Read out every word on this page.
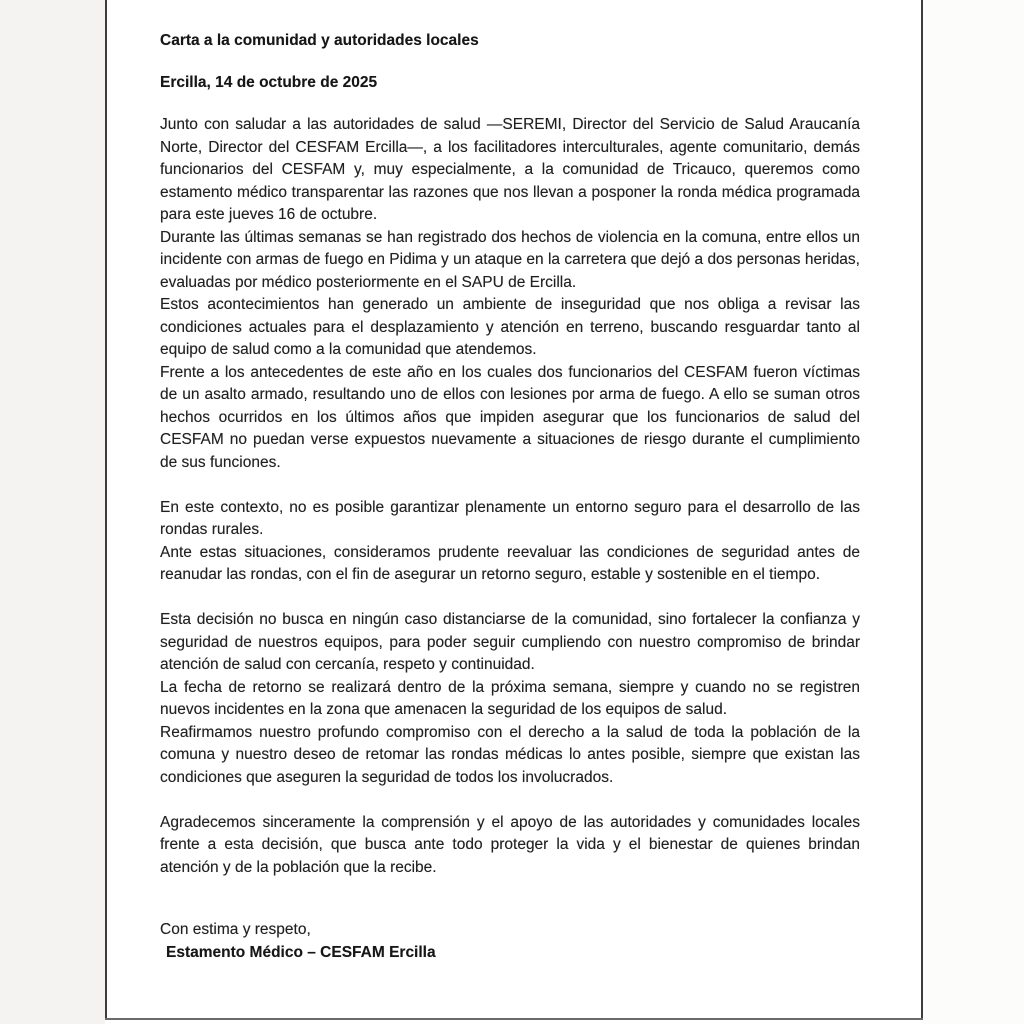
Carta a la comunidad y autoridades locales

Ercilla, 14 de octubre de 2025

Junto con saludar a las autoridades de salud —SEREMI, Director del Servicio de Salud Araucanía Norte, Director del CESFAM Ercilla—, a los facilitadores interculturales, agente comunitario, demás funcionarios del CESFAM y, muy especialmente, a la comunidad de Tricauco, queremos como estamento médico transparentar las razones que nos llevan a posponer la ronda médica programada para este jueves 16 de octubre.

Durante las últimas semanas se han registrado dos hechos de violencia en la comuna, entre ellos un incidente con armas de fuego en Pidima y un ataque en la carretera que dejó a dos personas heridas, evaluadas por médico posteriormente en el SAPU de Ercilla.

Estos acontecimientos han generado un ambiente de inseguridad que nos obliga a revisar las condiciones actuales para el desplazamiento y atención en terreno, buscando resguardar tanto al equipo de salud como a la comunidad que atendemos.

Frente a los antecedentes de este año en los cuales dos funcionarios del CESFAM fueron víctimas de un asalto armado, resultando uno de ellos con lesiones por arma de fuego. A ello se suman otros hechos ocurridos en los últimos años que impiden asegurar que los funcionarios de salud del CESFAM no puedan verse expuestos nuevamente a situaciones de riesgo durante el cumplimiento de sus funciones.

En este contexto, no es posible garantizar plenamente un entorno seguro para el desarrollo de las rondas rurales.

Ante estas situaciones, consideramos prudente reevaluar las condiciones de seguridad antes de reanudar las rondas, con el fin de asegurar un retorno seguro, estable y sostenible en el tiempo.

Esta decisión no busca en ningún caso distanciarse de la comunidad, sino fortalecer la confianza y seguridad de nuestros equipos, para poder seguir cumpliendo con nuestro compromiso de brindar atención de salud con cercanía, respeto y continuidad.

La fecha de retorno se realizará dentro de la próxima semana, siempre y cuando no se registren nuevos incidentes en la zona que amenacen la seguridad de los equipos de salud.

Reafirmamos nuestro profundo compromiso con el derecho a la salud de toda la población de la comuna y nuestro deseo de retomar las rondas médicas lo antes posible, siempre que existan las condiciones que aseguren la seguridad de todos los involucrados.

Agradecemos sinceramente la comprensión y el apoyo de las autoridades y comunidades locales frente a esta decisión, que busca ante todo proteger la vida y el bienestar de quienes brindan atención y de la población que la recibe.

Con estima y respeto,

Estamento Médico – CESFAM Ercilla
